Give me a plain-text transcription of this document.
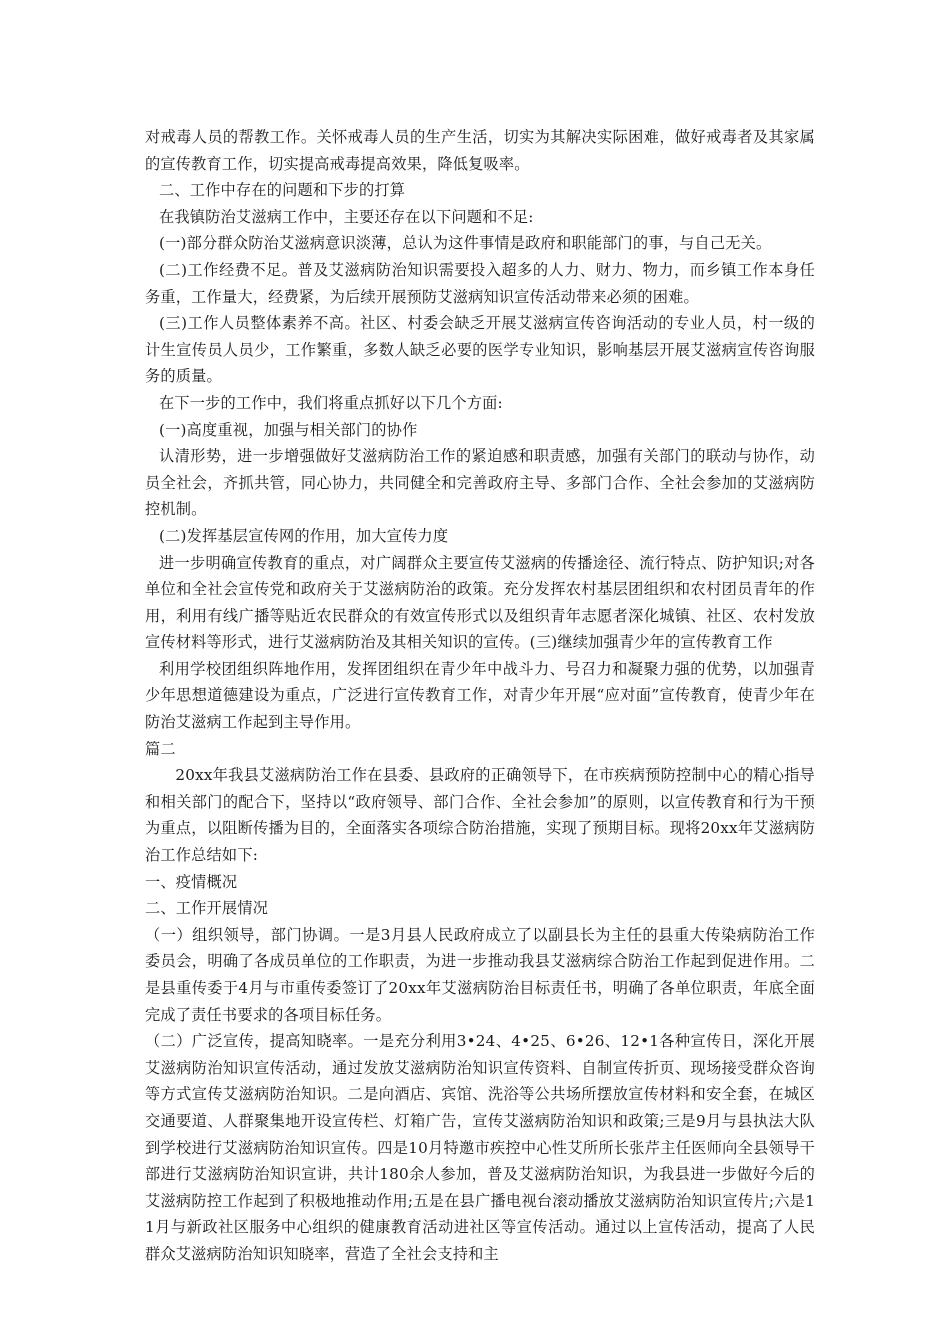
对戒毒人员的帮教工作。关怀戒毒人员的生产生活，切实为其解决实际困难，做好戒毒者及其家属的宣传教育工作，切实提高戒毒提高效果，降低复吸率。

二、工作中存在的问题和下步的打算

在我镇防治艾滋病工作中，主要还存在以下问题和不足:

(一)部分群众防治艾滋病意识淡薄，总认为这件事情是政府和职能部门的事，与自己无关。

(二)工作经费不足。普及艾滋病防治知识需要投入超多的人力、财力、物力，而乡镇工作本身任务重，工作量大，经费紧，为后续开展预防艾滋病知识宣传活动带来必须的困难。

(三)工作人员整体素养不高。社区、村委会缺乏开展艾滋病宣传咨询活动的专业人员，村一级的计生宣传员人员少，工作繁重，多数人缺乏必要的医学专业知识，影响基层开展艾滋病宣传咨询服务的质量。

在下一步的工作中，我们将重点抓好以下几个方面:

(一)高度重视，加强与相关部门的协作

认清形势，进一步增强做好艾滋病防治工作的紧迫感和职责感，加强有关部门的联动与协作，动员全社会，齐抓共管，同心协力，共同健全和完善政府主导、多部门合作、全社会参加的艾滋病防控机制。

(二)发挥基层宣传网的作用，加大宣传力度

进一步明确宣传教育的重点，对广阔群众主要宣传艾滋病的传播途径、流行特点、防护知识;对各单位和全社会宣传党和政府关于艾滋病防治的政策。充分发挥农村基层团组织和农村团员青年的作用，利用有线广播等贴近农民群众的有效宣传形式以及组织青年志愿者深化城镇、社区、农村发放宣传材料等形式，进行艾滋病防治及其相关知识的宣传。(三)继续加强青少年的宣传教育工作

利用学校团组织阵地作用，发挥团组织在青少年中战斗力、号召力和凝聚力强的优势，以加强青少年思想道德建设为重点，广泛进行宣传教育工作，对青少年开展“应对面”宣传教育，使青少年在防治艾滋病工作起到主导作用。

篇二

20xx年我县艾滋病防治工作在县委、县政府的正确领导下，在市疾病预防控制中心的精心指导和相关部门的配合下，坚持以“政府领导、部门合作、全社会参加”的原则，以宣传教育和行为干预为重点，以阻断传播为目的，全面落实各项综合防治措施，实现了预期目标。现将20xx年艾滋病防治工作总结如下:

一、疫情概况

二、工作开展情况

（一）组织领导，部门协调。一是3月县人民政府成立了以副县长为主任的县重大传染病防治工作委员会，明确了各成员单位的工作职责，为进一步推动我县艾滋病综合防治工作起到促进作用。二是县重传委于4月与市重传委签订了20xx年艾滋病防治目标责任书，明确了各单位职责，年底全面完成了责任书要求的各项目标任务。

（二）广泛宣传，提高知晓率。一是充分利用3•24、4•25、6•26、12•1各种宣传日，深化开展艾滋病防治知识宣传活动，通过发放艾滋病防治知识宣传资料、自制宣传折页、现场接受群众咨询等方式宣传艾滋病防治知识。二是向酒店、宾馆、洗浴等公共场所摆放宣传材料和安全套，在城区交通要道、人群聚集地开设宣传栏、灯箱广告，宣传艾滋病防治知识和政策;三是9月与县执法大队到学校进行艾滋病防治知识宣传。四是10月特邀市疾控中心性艾所所长张芹主任医师向全县领导干部进行艾滋病防治知识宣讲，共计180余人参加，普及艾滋病防治知识，为我县进一步做好今后的艾滋病防控工作起到了积极地推动作用;五是在县广播电视台滚动播放艾滋病防治知识宣传片;六是11月与新政社区服务中心组织的健康教育活动进社区等宣传活动。通过以上宣传活动，提高了人民群众艾滋病防治知识知晓率，营造了全社会支持和主
